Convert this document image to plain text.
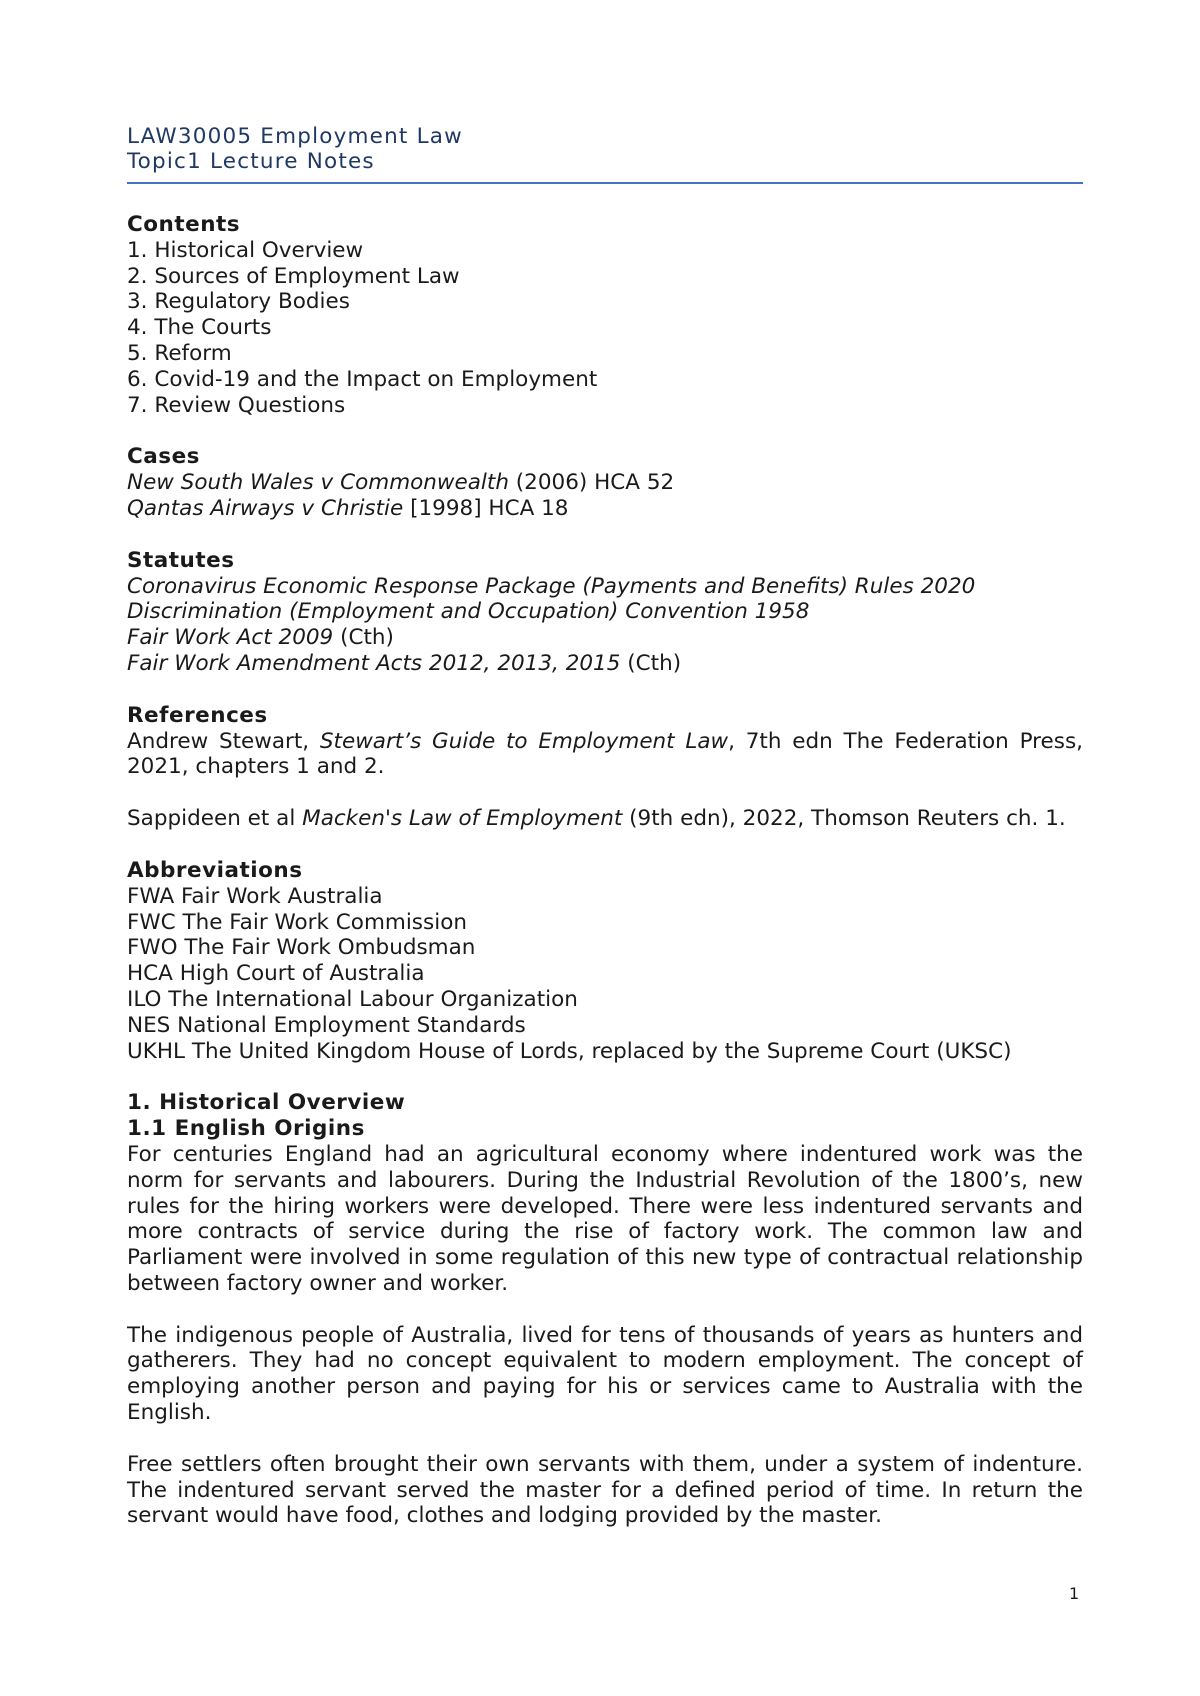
LAW30005 Employment Law
Topic1 Lecture Notes
Contents
1. Historical Overview
2. Sources of Employment Law
3. Regulatory Bodies
4. The Courts
5. Reform
6. Covid-19 and the Impact on Employment
7. Review Questions
Cases
New South Wales v Commonwealth (2006) HCA 52
Qantas Airways v Christie [1998] HCA 18
Statutes
Coronavirus Economic Response Package (Payments and Benefits) Rules 2020
Discrimination (Employment and Occupation) Convention 1958
Fair Work Act 2009 (Cth)
Fair Work Amendment Acts 2012, 2013, 2015 (Cth)
References
Andrew Stewart, Stewart’s Guide to Employment Law, 7th edn The Federation Press, 2021, chapters 1 and 2.
Sappideen et al Macken's Law of Employment (9th edn), 2022, Thomson Reuters ch. 1.
Abbreviations
FWA Fair Work Australia
FWC The Fair Work Commission
FWO The Fair Work Ombudsman
HCA High Court of Australia
ILO The International Labour Organization
NES National Employment Standards
UKHL The United Kingdom House of Lords, replaced by the Supreme Court (UKSC)
1. Historical Overview
1.1 English Origins

For centuries England had an agricultural economy where indentured work was the norm for servants and labourers. During the Industrial Revolution of the 1800’s, new rules for the hiring workers were developed. There were less indentured servants and more contracts of service during the rise of factory work. The common law and Parliament were involved in some regulation of this new type of contractual relationship between factory owner and worker.

The indigenous people of Australia, lived for tens of thousands of years as hunters and gatherers. They had no concept equivalent to modern employment. The concept of employing another person and paying for his or services came to Australia with the English.

Free settlers often brought their own servants with them, under a system of indenture. The indentured servant served the master for a defined period of time. In return the servant would have food, clothes and lodging provided by the master.

1
